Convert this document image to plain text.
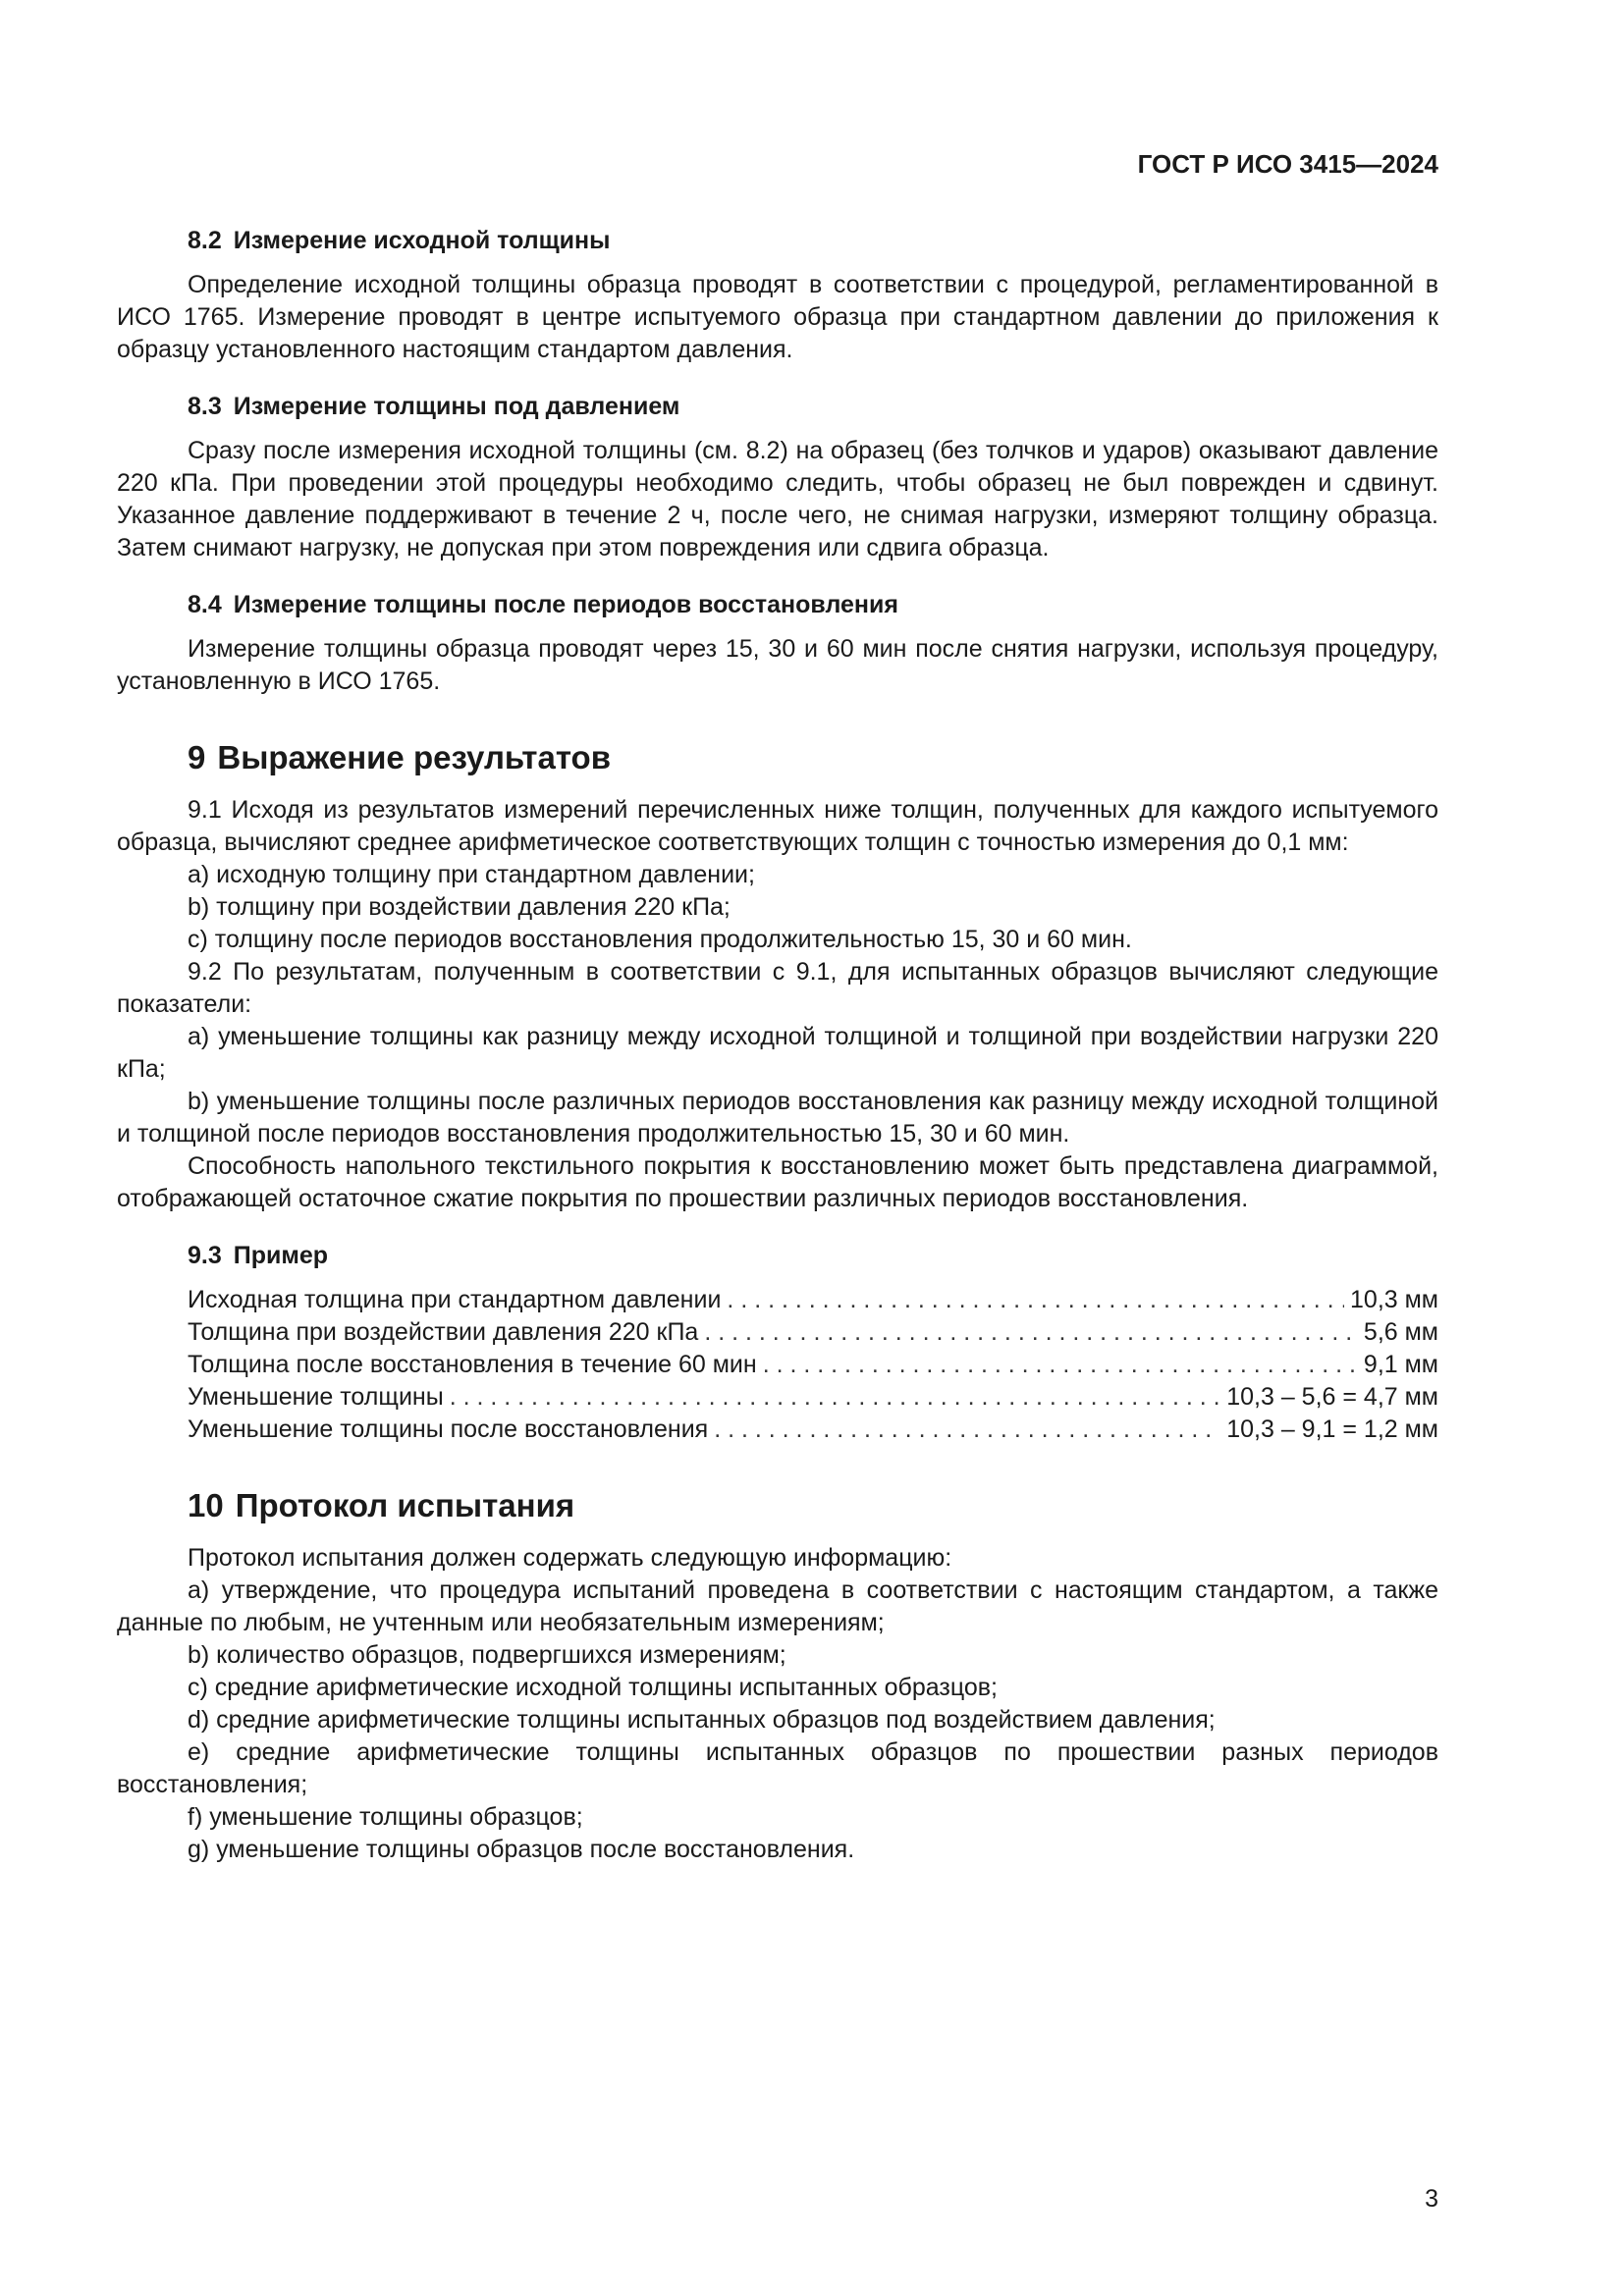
ГОСТ Р ИСО 3415—2024
8.2 Измерение исходной толщины

Определение исходной толщины образца проводят в соответствии с процедурой, регламентированной в ИСО 1765. Измерение проводят в центре испытуемого образца при стандартном давлении до приложения к образцу установленного настоящим стандартом давления.

8.3 Измерение толщины под давлением

Сразу после измерения исходной толщины (см. 8.2) на образец (без толчков и ударов) оказывают давление 220 кПа. При проведении этой процедуры необходимо следить, чтобы образец не был поврежден и сдвинут. Указанное давление поддерживают в течение 2 ч, после чего, не снимая нагрузки, измеряют толщину образца. Затем снимают нагрузку, не допуская при этом повреждения или сдвига образца.

8.4 Измерение толщины после периодов восстановления

Измерение толщины образца проводят через 15, 30 и 60 мин после снятия нагрузки, используя процедуру, установленную в ИСО 1765.

9 Выражение результатов

9.1 Исходя из результатов измерений перечисленных ниже толщин, полученных для каждого испытуемого образца, вычисляют среднее арифметическое соответствующих толщин с точностью измерения до 0,1 мм:

a) исходную толщину при стандартном давлении;

b) толщину при воздействии давления 220 кПа;

c) толщину после периодов восстановления продолжительностью 15, 30 и 60 мин.

9.2 По результатам, полученным в соответствии с 9.1, для испытанных образцов вычисляют следующие показатели:

a) уменьшение толщины как разницу между исходной толщиной и толщиной при воздействии нагрузки 220 кПа;

b) уменьшение толщины после различных периодов восстановления как разницу между исходной толщиной и толщиной после периодов восстановления продолжительностью 15, 30 и 60 мин.

Способность напольного текстильного покрытия к восстановлению может быть представлена диаграммой, отображающей остаточное сжатие покрытия по прошествии различных периодов восстановления.

9.3 Пример
Исходная толщина при стандартном давлении . . .	10,3 мм
Толщина при воздействии давления 220 кПа . . .	5,6 мм
Толщина после восстановления в течение 60 мин . . .	9,1 мм
Уменьшение толщины . . .	10,3 – 5,6 = 4,7 мм
Уменьшение толщины после восстановления . . .	10,3 – 9,1 = 1,2 мм
10 Протокол испытания

Протокол испытания должен содержать следующую информацию:

a) утверждение, что процедура испытаний проведена в соответствии с настоящим стандартом, а также данные по любым, не учтенным или необязательным измерениям;

b) количество образцов, подвергшихся измерениям;

c) средние арифметические исходной толщины испытанных образцов;

d) средние арифметические толщины испытанных образцов под воздействием давления;

e) средние арифметические толщины испытанных образцов по прошествии разных периодов восстановления;

f) уменьшение толщины образцов;

g) уменьшение толщины образцов после восстановления.

3
